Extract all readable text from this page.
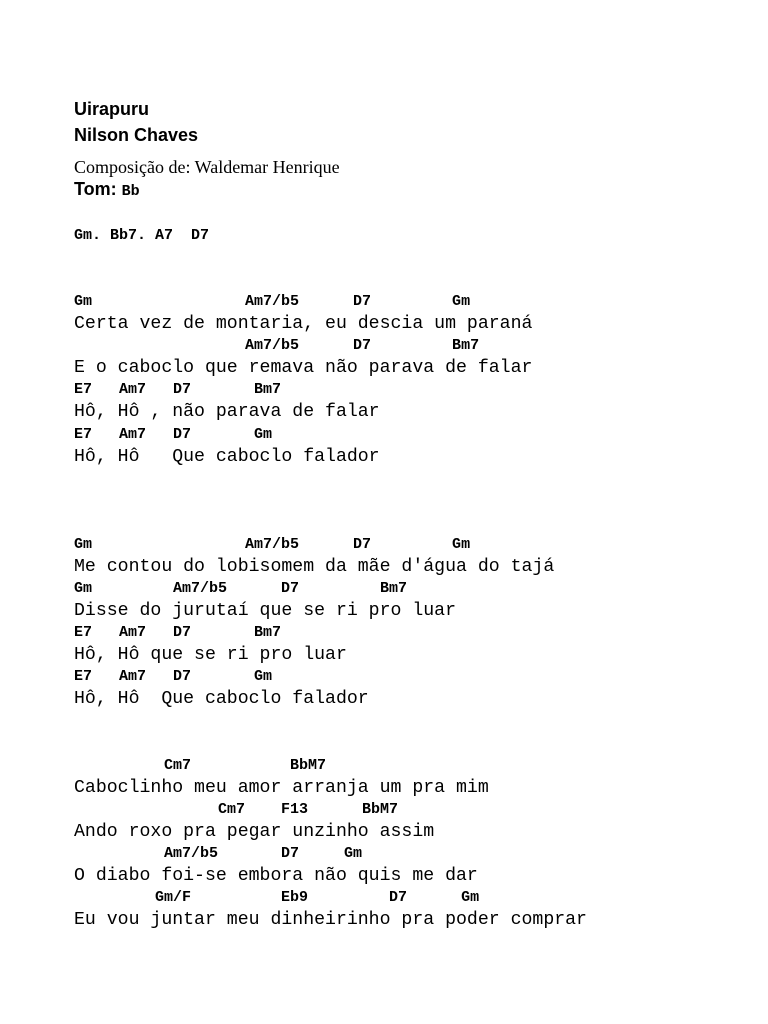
Uirapuru
Nilson Chaves
Composição de: Waldemar Henrique
Tom: Bb
Gm. Bb7. A7  D7
Gm                 Am7/b5      D7         Gm
Certa vez de montaria, eu descia um paraná
Am7/b5      D7         Bm7
E o caboclo que remava não parava de falar
E7   Am7   D7       Bm7
Hô, Hô , não parava de falar
E7   Am7   D7       Gm
Hô, Hô   Que caboclo falador
Gm                 Am7/b5      D7         Gm
Me contou do lobisomem da mãe d'água do tajá
Gm         Am7/b5      D7         Bm7
Disse do jurutaí que se ri pro luar
E7   Am7   D7       Bm7
Hô, Hô que se ri pro luar
E7   Am7   D7       Gm
Hô, Hô  Que caboclo falador
Cm7           BbM7
Caboclinho meu amor arranja um pra mim
Cm7    F13      BbM7
Ando roxo pra pegar unzinho assim
Am7/b5       D7     Gm
O diabo foi-se embora não quis me dar
Gm/F          Eb9         D7      Gm
Eu vou juntar meu dinheirinho pra poder comprar
